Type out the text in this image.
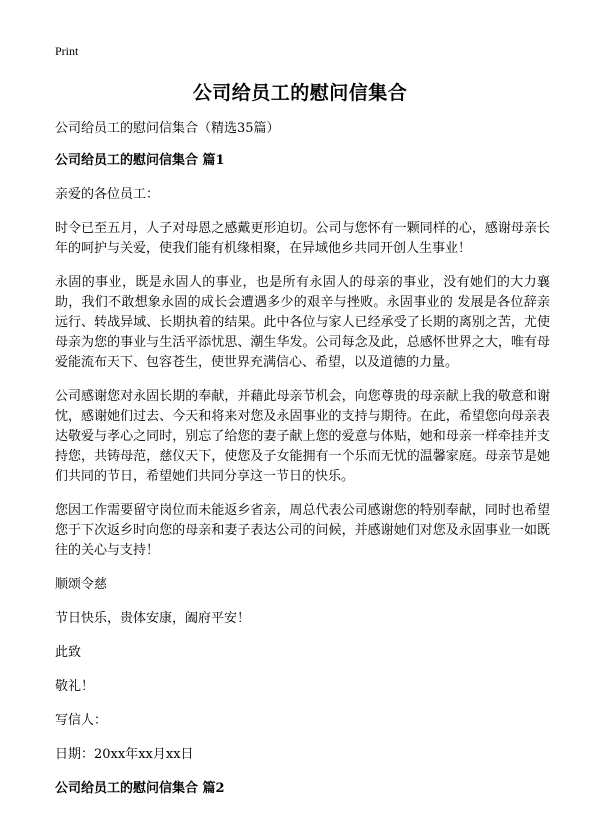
Print
公司给员工的慰问信集合

公司给员工的慰问信集合（精选35篇）

公司给员工的慰问信集合 篇1

亲爱的各位员工：

时令已至五月，人子对母恩之感戴更形迫切。公司与您怀有一颗同样的心，感谢母亲长年的呵护与关爱，使我们能有机缘相聚，在异域他乡共同开创人生事业！

永固的事业，既是永固人的事业，也是所有永固人的母亲的事业，没有她们的大力襄助，我们不敢想象永固的成长会遭遇多少的艰辛与挫败。永固事业的 发展是各位辞亲远行、转战异域、长期执着的结果。此中各位与家人已经承受了长期的离别之苦，尤使母亲为您的事业与生活平添忧思、潮生华发。公司每念及此，总感怀世界之大，唯有母爱能流布天下、包容苍生，使世界充满信心、希望，以及道德的力量。

公司感谢您对永固长期的奉献，并藉此母亲节机会，向您尊贵的母亲献上我的敬意和谢忱，感谢她们过去、今天和将来对您及永固事业的支持与期待。在此，希望您向母亲表达敬爱与孝心之同时，别忘了给您的妻子献上您的爱意与体贴，她和母亲一样牵挂并支持您，共铸母范，慈仪天下，使您及子女能拥有一个乐而无忧的温馨家庭。母亲节是她们共同的节日，希望她们共同分享这一节日的快乐。

您因工作需要留守岗位而未能返乡省亲，周总代表公司感谢您的特别奉献，同时也希望您于下次返乡时向您的母亲和妻子表达公司的问候，并感谢她们对您及永固事业一如既往的关心与支持！

顺颂令慈

节日快乐，贵体安康，阖府平安！

此致

敬礼！

写信人：

日期：20xx年xx月xx日

公司给员工的慰问信集合 篇2
